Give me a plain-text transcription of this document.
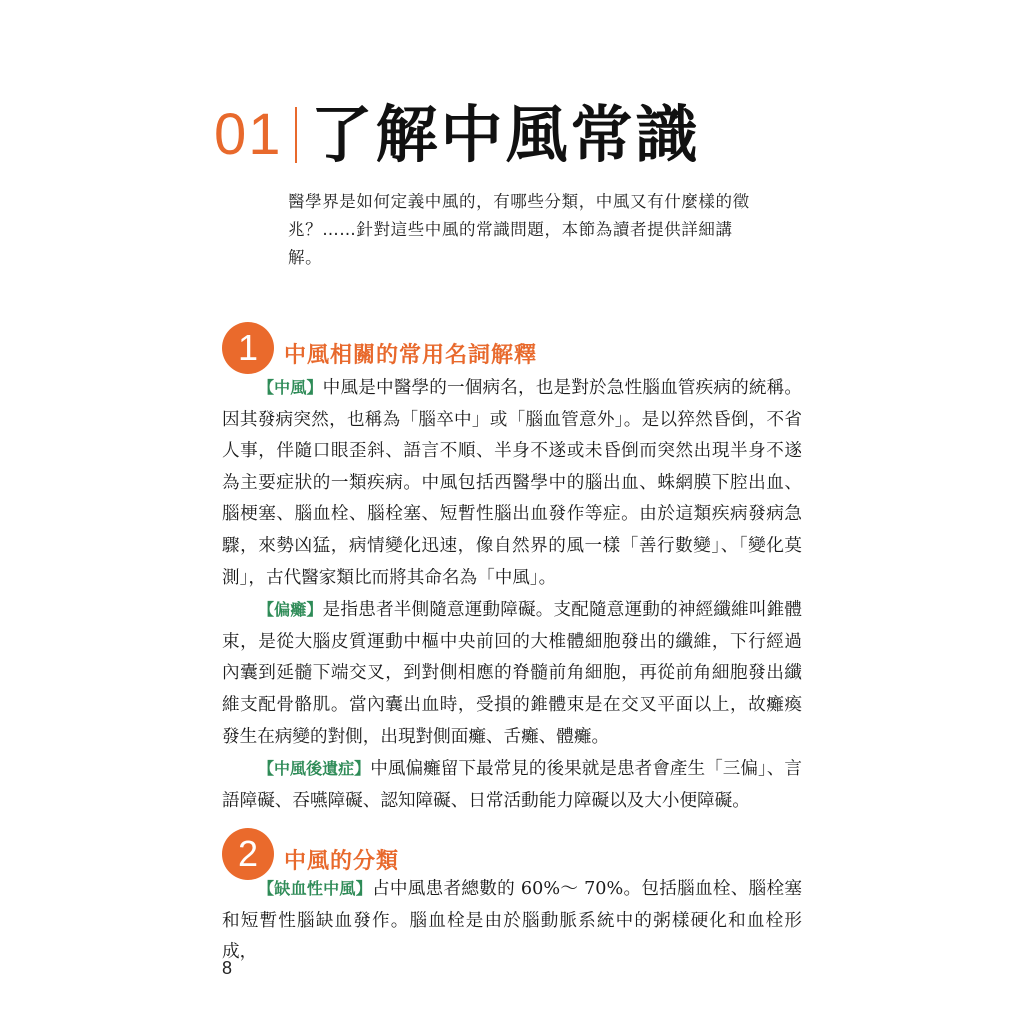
01 了解中風常識
醫學界是如何定義中風的，有哪些分類，中風又有什麼樣的徵兆？……針對這些中風的常識問題，本節為讀者提供詳細講解。
1	中風相關的常用名詞解釋

【中風】中風是中醫學的一個病名，也是對於急性腦血管疾病的統稱。因其發病突然，也稱為「腦卒中」或「腦血管意外」。是以猝然昏倒，不省人事，伴隨口眼歪斜、語言不順、半身不遂或未昏倒而突然出現半身不遂為主要症狀的一類疾病。中風包括西醫學中的腦出血、蛛網膜下腔出血、腦梗塞、腦血栓、腦栓塞、短暫性腦出血發作等症。由於這類疾病發病急驟，來勢凶猛，病情變化迅速，像自然界的風一樣「善行數變」、「變化莫測」，古代醫家類比而將其命名為「中風」。

【偏癱】是指患者半側隨意運動障礙。支配隨意運動的神經纖維叫錐體束，是從大腦皮質運動中樞中央前回的大椎體細胞發出的纖維，下行經過內囊到延髓下端交叉，到對側相應的脊髓前角細胞，再從前角細胞發出纖維支配骨骼肌。當內囊出血時，受損的錐體束是在交叉平面以上，故癱瘓發生在病變的對側，出現對側面癱、舌癱、體癱。

【中風後遺症】中風偏癱留下最常見的後果就是患者會產生「三偏」、言語障礙、吞嚥障礙、認知障礙、日常活動能力障礙以及大小便障礙。

2	中風的分類

【缺血性中風】占中風患者總數的 60%～ 70%。包括腦血栓、腦栓塞和短暫性腦缺血發作。腦血栓是由於腦動脈系統中的粥樣硬化和血栓形成，

8
